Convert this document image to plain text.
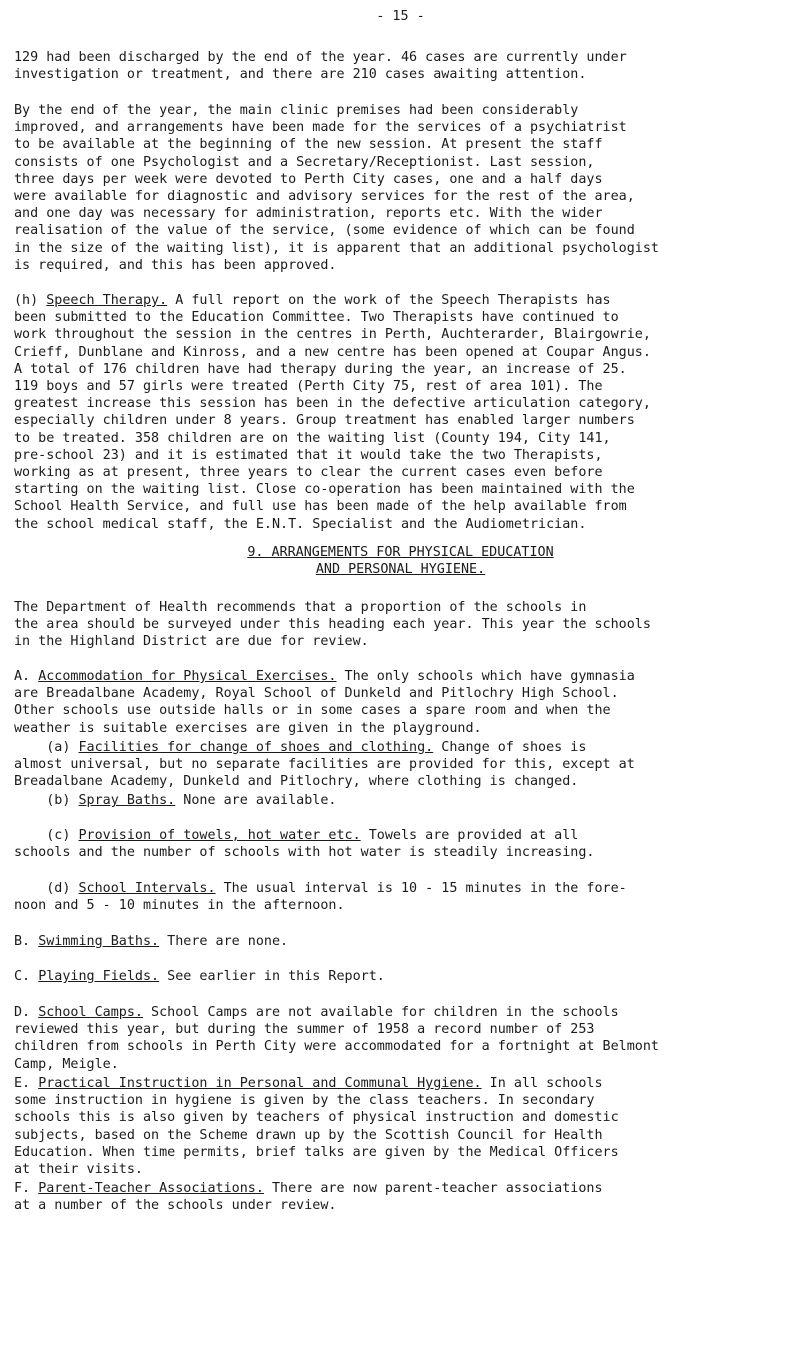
- 15 -
129 had been discharged by the end of the year. 46 cases are currently under
investigation or treatment, and there are 210 cases awaiting attention.
By the end of the year, the main clinic premises had been considerably
improved, and arrangements have been made for the services of a psychiatrist
to be available at the beginning of the new session. At present the staff
consists of one Psychologist and a Secretary/Receptionist. Last session,
three days per week were devoted to Perth City cases, one and a half days
were available for diagnostic and advisory services for the rest of the area,
and one day was necessary for administration, reports etc. With the wider
realisation of the value of the service, (some evidence of which can be found
in the size of the waiting list), it is apparent that an additional psychologist
is required, and this has been approved.
(h) Speech Therapy. A full report on the work of the Speech Therapists has
been submitted to the Education Committee. Two Therapists have continued to
work throughout the session in the centres in Perth, Auchterarder, Blairgowrie,
Crieff, Dunblane and Kinross, and a new centre has been opened at Coupar Angus.
A total of 176 children have had therapy during the year, an increase of 25.
119 boys and 57 girls were treated (Perth City 75, rest of area 101). The
greatest increase this session has been in the defective articulation category,
especially children under 8 years. Group treatment has enabled larger numbers
to be treated. 358 children are on the waiting list (County 194, City 141,
pre-school 23) and it is estimated that it would take the two Therapists,
working as at present, three years to clear the current cases even before
starting on the waiting list. Close co-operation has been maintained with the
School Health Service, and full use has been made of the help available from
the school medical staff, the E.N.T. Specialist and the Audiometrician.
9. ARRANGEMENTS FOR PHYSICAL EDUCATION
AND PERSONAL HYGIENE.
The Department of Health recommends that a proportion of the schools in
the area should be surveyed under this heading each year. This year the schools
in the Highland District are due for review.
A. Accommodation for Physical Exercises. The only schools which have gymnasia
are Breadalbane Academy, Royal School of Dunkeld and Pitlochry High School.
Other schools use outside halls or in some cases a spare room and when the
weather is suitable exercises are given in the playground.
(a) Facilities for change of shoes and clothing. Change of shoes is
almost universal, but no separate facilities are provided for this, except at
Breadalbane Academy, Dunkeld and Pitlochry, where clothing is changed.
(b) Spray Baths. None are available.
(c) Provision of towels, hot water etc. Towels are provided at all
schools and the number of schools with hot water is steadily increasing.
(d) School Intervals. The usual interval is 10 - 15 minutes in the fore-
noon and 5 - 10 minutes in the afternoon.
B. Swimming Baths. There are none.
C. Playing Fields. See earlier in this Report.
D. School Camps. School Camps are not available for children in the schools
reviewed this year, but during the summer of 1958 a record number of 253
children from schools in Perth City were accommodated for a fortnight at Belmont
Camp, Meigle.
E. Practical Instruction in Personal and Communal Hygiene. In all schools
some instruction in hygiene is given by the class teachers. In secondary
schools this is also given by teachers of physical instruction and domestic
subjects, based on the Scheme drawn up by the Scottish Council for Health
Education. When time permits, brief talks are given by the Medical Officers
at their visits.
F. Parent-Teacher Associations. There are now parent-teacher associations
at a number of the schools under review.
